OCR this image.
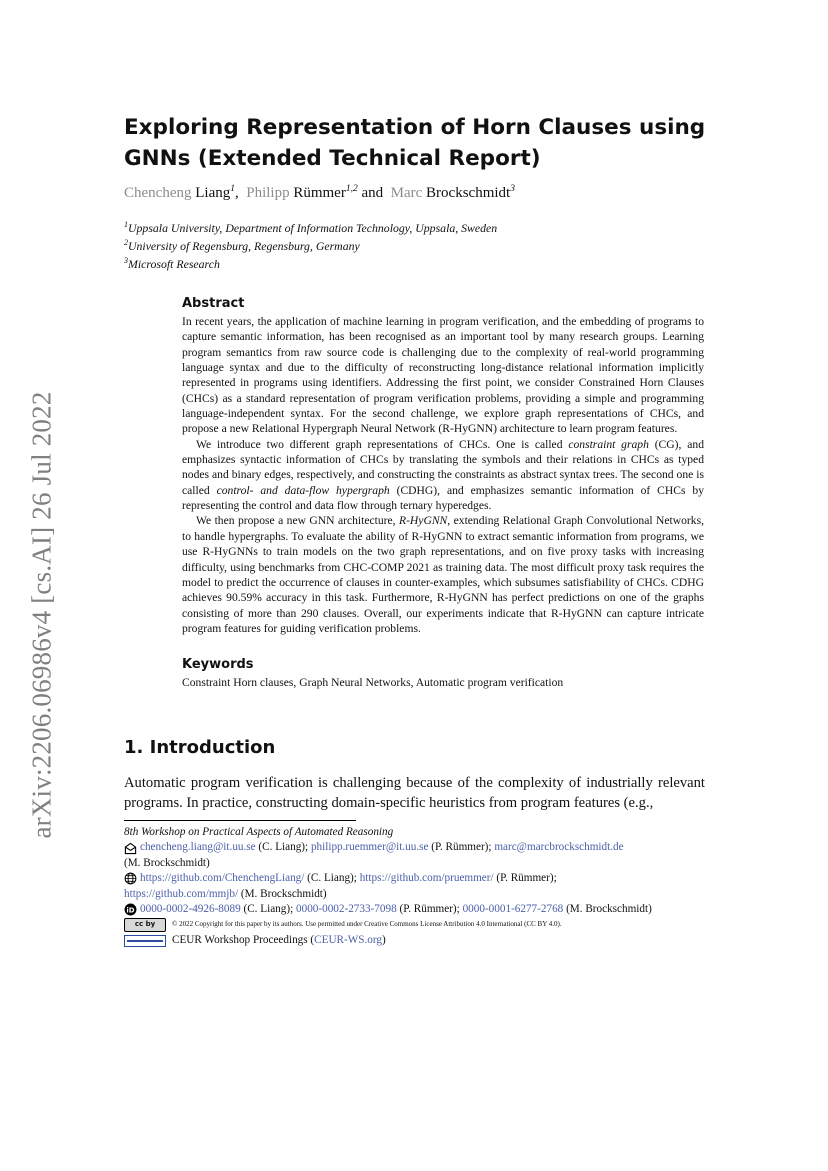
arXiv:2206.06986v4 [cs.AI] 26 Jul 2022
Exploring Representation of Horn Clauses using GNNs (Extended Technical Report)
Chencheng Liang$^1$,  Philipp Rümmer$^{1,2}$ and  Marc Brockschmidt$^3$
$^1$Uppsala University, Department of Information Technology, Uppsala, Sweden
$^2$University of Regensburg, Regensburg, Germany
$^3$Microsoft Research
Abstract

In recent years, the application of machine learning in program verification, and the embedding of programs to capture semantic information, has been recognised as an important tool by many research groups. Learning program semantics from raw source code is challenging due to the complexity of real-world programming language syntax and due to the difficulty of reconstructing long-distance relational information implicitly represented in programs using identifiers. Addressing the first point, we consider Constrained Horn Clauses (CHCs) as a standard representation of program verification problems, providing a simple and programming language-independent syntax. For the second challenge, we explore graph representations of CHCs, and propose a new Relational Hypergraph Neural Network (R-HyGNN) architecture to learn program features.

We introduce two different graph representations of CHCs. One is called constraint graph (CG), and emphasizes syntactic information of CHCs by translating the symbols and their relations in CHCs as typed nodes and binary edges, respectively, and constructing the constraints as abstract syntax trees. The second one is called control- and data-flow hypergraph (CDHG), and emphasizes semantic information of CHCs by representing the control and data flow through ternary hyperedges.

We then propose a new GNN architecture, R-HyGNN, extending Relational Graph Convolutional Networks, to handle hypergraphs. To evaluate the ability of R-HyGNN to extract semantic information from programs, we use R-HyGNNs to train models on the two graph representations, and on five proxy tasks with increasing difficulty, using benchmarks from CHC-COMP 2021 as training data. The most difficult proxy task requires the model to predict the occurrence of clauses in counter-examples, which subsumes satisfiability of CHCs. CDHG achieves 90.59% accuracy in this task. Furthermore, R-HyGNN has perfect predictions on one of the graphs consisting of more than 290 clauses. Overall, our experiments indicate that R-HyGNN can capture intricate program features for guiding verification problems.

Keywords
Constraint Horn clauses, Graph Neural Networks, Automatic program verification
1. Introduction
Automatic program verification is challenging because of the complexity of industrially relevant programs. In practice, constructing domain-specific heuristics from program features (e.g.,
8th Workshop on Practical Aspects of Automated Reasoning
chencheng.liang@it.uu.se (C. Liang); philipp.ruemmer@it.uu.se (P. Rümmer); marc@marcbrockschmidt.de
(M. Brockschmidt)
https://github.com/ChenchengLiang/ (C. Liang); https://github.com/pruemmer/ (P. Rümmer);
https://github.com/mmjb/ (M. Brockschmidt)
iD 0000-0002-4926-8089 (C. Liang); 0000-0002-2733-7098 (P. Rümmer); 0000-0001-6277-2768 (M. Brockschmidt)
cc by	© 2022 Copyright for this paper by its authors. Use permitted under Creative Commons License Attribution 4.0 International (CC BY 4.0).
CEUR Workshop Proceedings ( CEUR-WS.org )
